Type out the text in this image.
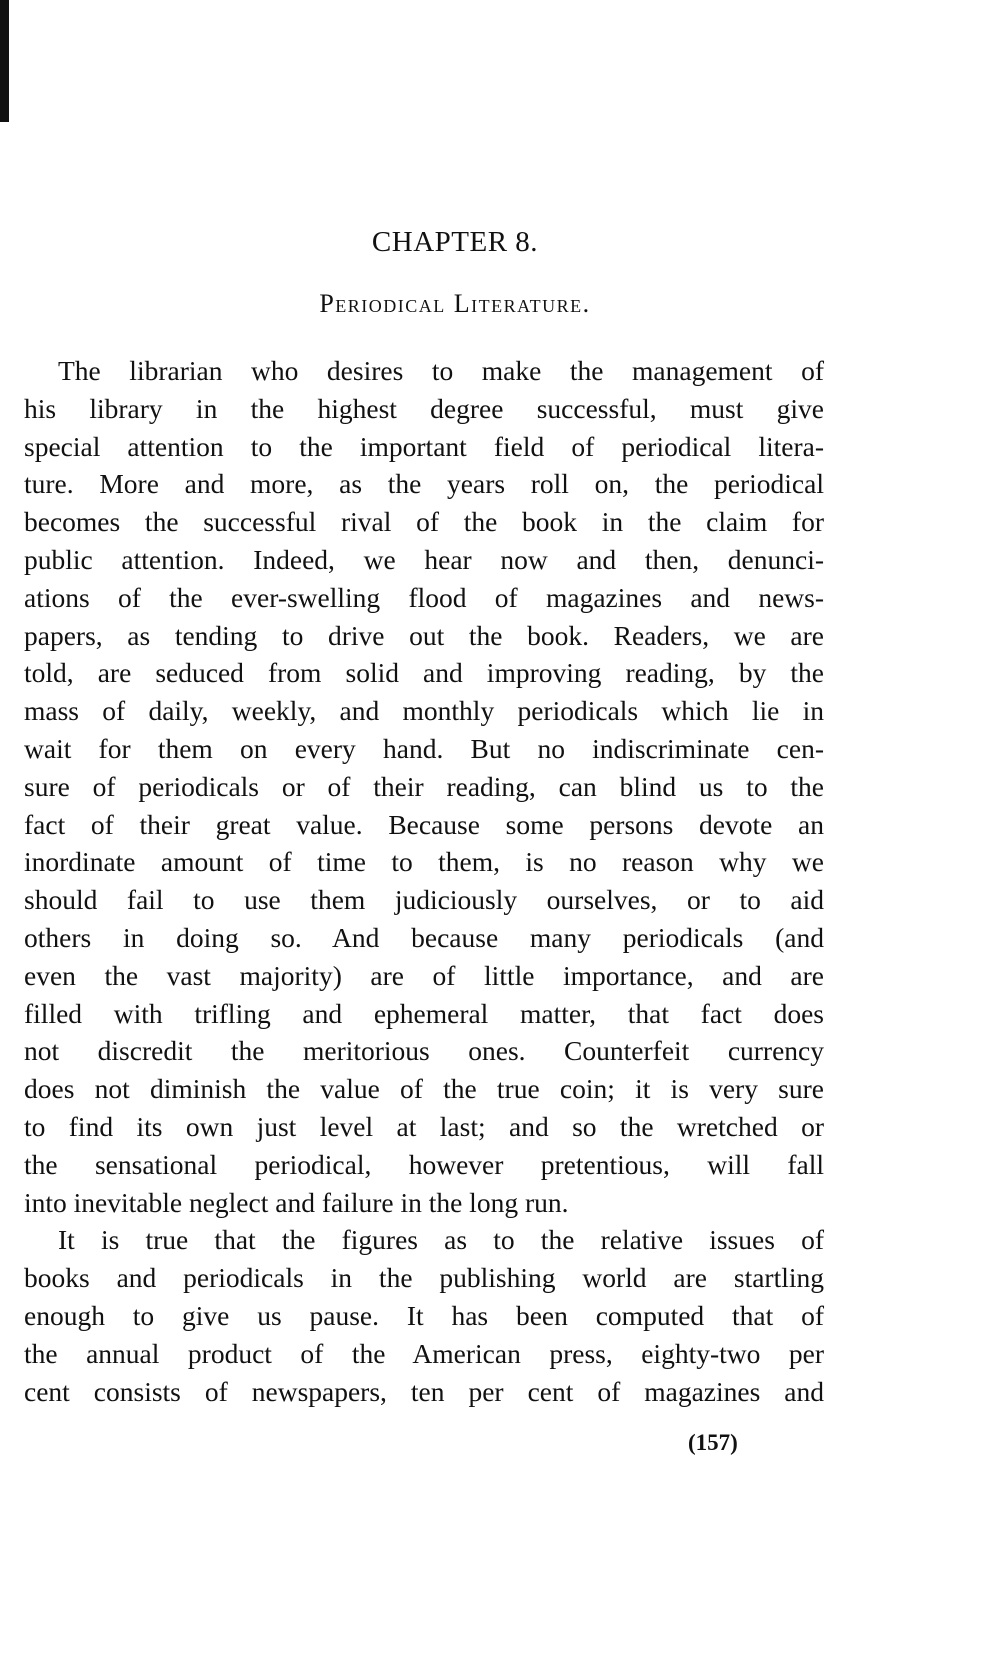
CHAPTER 8.
Periodical Literature.
The librarian who desires to make the management of
his library in the highest degree successful, must give
special attention to the important field of periodical litera-
ture. More and more, as the years roll on, the periodical
becomes the successful rival of the book in the claim for
public attention. Indeed, we hear now and then, denunci-
ations of the ever-swelling flood of magazines and news-
papers, as tending to drive out the book. Readers, we are
told, are seduced from solid and improving reading, by the
mass of daily, weekly, and monthly periodicals which lie in
wait for them on every hand. But no indiscriminate cen-
sure of periodicals or of their reading, can blind us to the
fact of their great value. Because some persons devote an
inordinate amount of time to them, is no reason why we
should fail to use them judiciously ourselves, or to aid
others in doing so. And because many periodicals (and
even the vast majority) are of little importance, and are
filled with trifling and ephemeral matter, that fact does
not discredit the meritorious ones. Counterfeit currency
does not diminish the value of the true coin; it is very sure
to find its own just level at last; and so the wretched or
the sensational periodical, however pretentious, will fall
into inevitable neglect and failure in the long run.
It is true that the figures as to the relative issues of
books and periodicals in the publishing world are startling
enough to give us pause. It has been computed that of
the annual product of the American press, eighty-two per
cent consists of newspapers, ten per cent of magazines and
(157)
